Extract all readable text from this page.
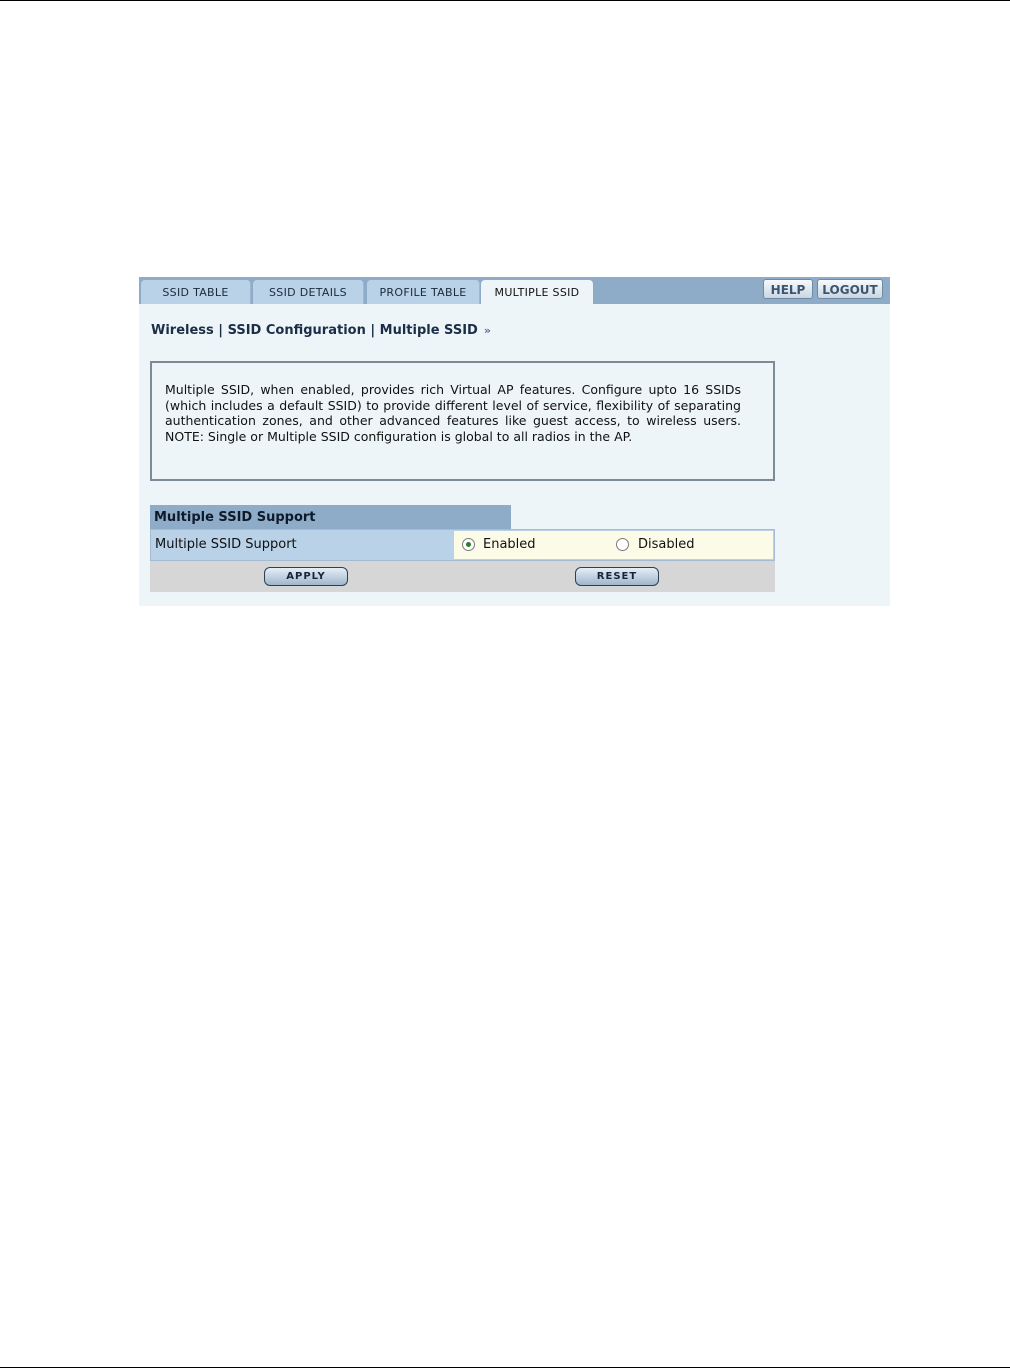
SSID TABLE	SSID DETAILS	PROFILE TABLE	MULTIPLE SSID	HELP	LOGOUT
Wireless | SSID Configuration | Multiple SSID »

Multiple SSID, when enabled, provides rich Virtual AP features. Configure upto 16 SSIDs (which includes a default SSID) to provide different level of service, flexibility of separating authentication zones, and other advanced features like guest access, to wireless users. NOTE: Single or Multiple SSID configuration is global to all radios in the AP.

Multiple SSID Support
Multiple SSID Support	Enabled	Disabled
APPLY	RESET
